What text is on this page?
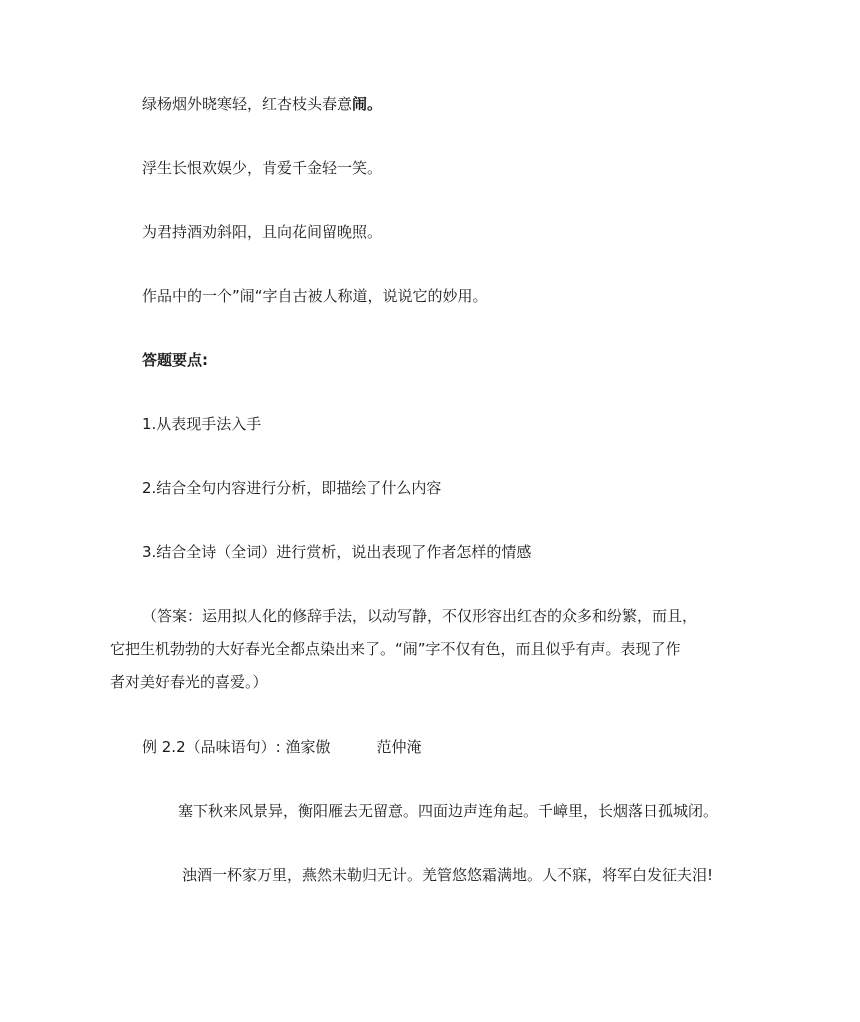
绿杨烟外晓寒轻，红杏枝头春意闹。
浮生长恨欢娱少，肯爱千金轻一笑。
为君持酒劝斜阳，且向花间留晚照。
作品中的一个”闹“字自古被人称道，说说它的妙用。
答题要点:
1.从表现手法入手
2.结合全句内容进行分析，即描绘了什么内容
3.结合全诗（全词）进行赏析，说出表现了作者怎样的情感
（答案：运用拟人化的修辞手法，以动写静，不仅形容出红杏的众多和纷繁，而且，
它把生机勃勃的大好春光全都点染出来了。“闹”字不仅有色，而且似乎有声。表现了作
者对美好春光的喜爱。）
例 2.2（品味语句）: 渔家傲	范仲淹
塞下秋来风景异，衡阳雁去无留意。四面边声连角起。千嶂里，长烟落日孤城闭。
浊酒一杯家万里，燕然未勒归无计。羌管悠悠霜满地。人不寐，将军白发征夫泪!
